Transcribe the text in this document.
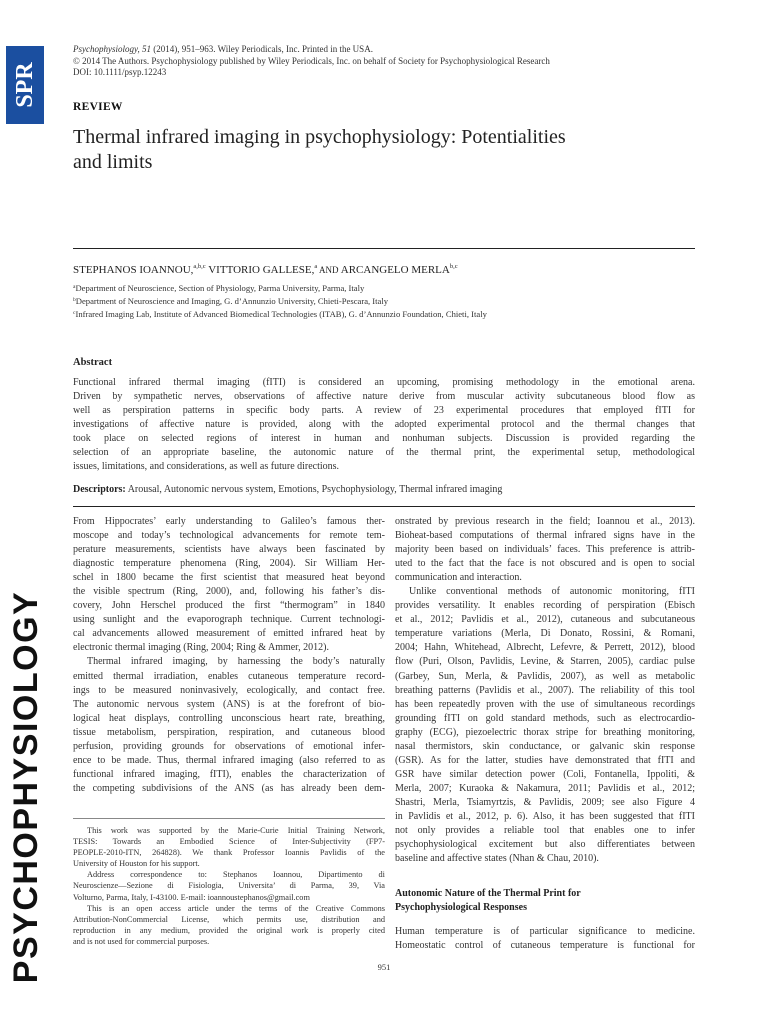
SPR
PSYCHOPHYSIOLOGY
Psychophysiology, 51 (2014), 951–963. Wiley Periodicals, Inc. Printed in the USA.
© 2014 The Authors. Psychophysiology published by Wiley Periodicals, Inc. on behalf of Society for Psychophysiological Research
DOI: 10.1111/psyp.12243
REVIEW
Thermal infrared imaging in psychophysiology: Potentialities
and limits
STEPHANOS IOANNOU,$^{a,b,c}$ VITTORIO GALLESE,$^a$ AND ARCANGELO MERLA$^{b,c}$
$^a$Department of Neuroscience, Section of Physiology, Parma University, Parma, Italy
$^b$Department of Neuroscience and Imaging, G. d’Annunzio University, Chieti-Pescara, Italy
$^c$Infrared Imaging Lab, Institute of Advanced Biomedical Technologies (ITAB), G. d’Annunzio Foundation, Chieti, Italy
Abstract
Functional infrared thermal imaging (fITI) is considered an upcoming, promising methodology in the emotional arena.
Driven by sympathetic nerves, observations of affective nature derive from muscular activity subcutaneous blood flow as
well as perspiration patterns in specific body parts. A review of 23 experimental procedures that employed fITI for
investigations of affective nature is provided, along with the adopted experimental protocol and the thermal changes that
took place on selected regions of interest in human and nonhuman subjects. Discussion is provided regarding the
selection of an appropriate baseline, the autonomic nature of the thermal print, the experimental setup, methodological
issues, limitations, and considerations, as well as future directions.
Descriptors: Arousal, Autonomic nervous system, Emotions, Psychophysiology, Thermal infrared imaging
From Hippocrates’ early understanding to Galileo’s famous ther-
moscope and today’s technological advancements for remote tem-
perature measurements, scientists have always been fascinated by
diagnostic temperature phenomena (Ring, 2004). Sir William Her-
schel in 1800 became the first scientist that measured heat beyond
the visible spectrum (Ring, 2000), and, following his father’s dis-
covery, John Herschel produced the first “thermogram” in 1840
using sunlight and the evaporograph technique. Current technologi-
cal advancements allowed measurement of emitted infrared heat by
electronic thermal imaging (Ring, 2004; Ring & Ammer, 2012).
Thermal infrared imaging, by harnessing the body’s naturally
emitted thermal irradiation, enables cutaneous temperature record-
ings to be measured noninvasively, ecologically, and contact free.
The autonomic nervous system (ANS) is at the forefront of bio-
logical heat displays, controlling unconscious heart rate, breathing,
tissue metabolism, perspiration, respiration, and cutaneous blood
perfusion, providing grounds for observations of emotional infer-
ence to be made. Thus, thermal infrared imaging (also referred to as
functional infrared imaging, fITI), enables the characterization of
the competing subdivisions of the ANS (as has already been dem-
This work was supported by the Marie-Curie Initial Training Network,
TESIS: Towards an Embodied Science of Inter-Subjectivity (FP7-
PEOPLE-2010-ITN, 264828). We thank Professor Ioannis Pavlidis of the
University of Houston for his support.
Address correspondence to: Stephanos Ioannou, Dipartimento di
Neuroscienze—Sezione di Fisiologia, Universita’ di Parma, 39, Via
Volturno, Parma, Italy, I-43100. E-mail: ioannoustephanos@gmail.com
This is an open access article under the terms of the Creative Commons
Attribution-NonCommercial License, which permits use, distribution and
reproduction in any medium, provided the original work is properly cited
and is not used for commercial purposes.
onstrated by previous research in the field; Ioannou et al., 2013).
Bioheat-based computations of thermal infrared signs have in the
majority been based on individuals’ faces. This preference is attrib-
uted to the fact that the face is not obscured and is open to social
communication and interaction.
Unlike conventional methods of autonomic monitoring, fITI
provides versatility. It enables recording of perspiration (Ebisch
et al., 2012; Pavlidis et al., 2012), cutaneous and subcutaneous
temperature variations (Merla, Di Donato, Rossini, & Romani,
2004; Hahn, Whitehead, Albrecht, Lefevre, & Perrett, 2012), blood
flow (Puri, Olson, Pavlidis, Levine, & Starren, 2005), cardiac pulse
(Garbey, Sun, Merla, & Pavlidis, 2007), as well as metabolic
breathing patterns (Pavlidis et al., 2007). The reliability of this tool
has been repeatedly proven with the use of simultaneous recordings
grounding fITI on gold standard methods, such as electrocardio-
graphy (ECG), piezoelectric thorax stripe for breathing monitoring,
nasal thermistors, skin conductance, or galvanic skin response
(GSR). As for the latter, studies have demonstrated that fITI and
GSR have similar detection power (Coli, Fontanella, Ippoliti, &
Merla, 2007; Kuraoka & Nakamura, 2011; Pavlidis et al., 2012;
Shastri, Merla, Tsiamyrtzis, & Pavlidis, 2009; see also Figure 4
in Pavlidis et al., 2012, p. 6). Also, it has been suggested that fITI
not only provides a reliable tool that enables one to infer
psychophysiological excitement but also differentiates between
baseline and affective states (Nhan & Chau, 2010).
Autonomic Nature of the Thermal Print for
Psychophysiological Responses
Human temperature is of particular significance to medicine.
Homeostatic control of cutaneous temperature is functional for
951
